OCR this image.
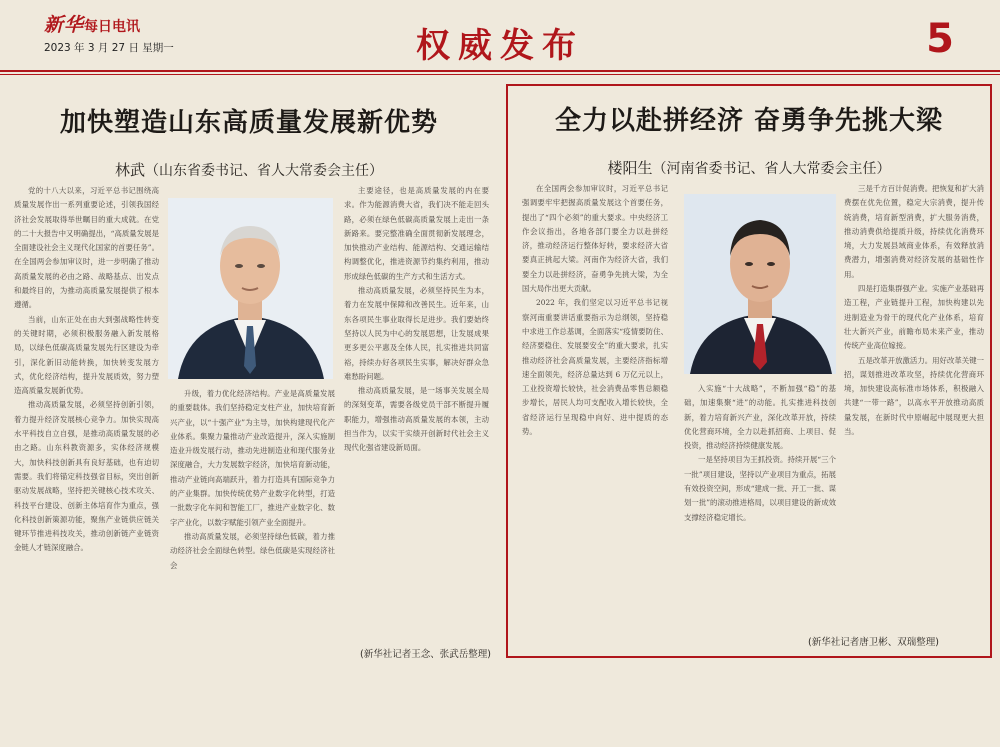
新华每日电讯
2023 年 3 月 27 日 星期一	权威发布	5
加快塑造山东高质量发展新优势
林武（山东省委书记、省人大常委会主任）

党的十八大以来，习近平总书记围绕高质量发展作出一系列重要论述，引领我国经济社会发展取得举世瞩目的重大成就。在党的二十大报告中又明确提出，“高质量发展是全面建设社会主义现代化国家的首要任务”。在全国两会参加审议时，进一步明确了推动高质量发展的必由之路、战略基点、出发点和最终目的，为推动高质量发展提供了根本遵循。

当前，山东正处在由大到强战略性转变的关键时期，必须积极服务融入新发展格局，以绿色低碳高质量发展先行区建设为牵引，深化新旧动能转换，加快转变发展方式，优化经济结构，提升发展质效，努力塑造高质量发展新优势。

推动高质量发展，必须坚持创新引领，着力提升经济发展核心竞争力。加快实现高水平科技自立自强，是推动高质量发展的必由之路。山东科教资源多，实体经济规模大，加快科技创新具有良好基础，也有迫切需要。我们将锚定科技强省目标，突出创新驱动发展战略，坚持把关键核心技术攻关、科技平台建设、创新主体培育作为重点，强化科技创新策源功能，聚焦产业链供应链关键环节推进科技攻关，推动创新链产业链资金链人才链深度融合。

升级，着力优化经济结构。产业是高质量发展的重要载体。我们坚持稳定支柱产业，加快培育新兴产业，以“十强产业”为主导，加快构建现代化产业体系。集聚力量推动产业改造提升，深入实施制造业升级发展行动，推动先进制造业和现代服务业深度融合，大力发展数字经济，加快培育新动能，推动产业链向高端跃升，着力打造具有国际竞争力的产业集群。加快传统优势产业数字化转型，打造一批数字化车间和智能工厂，推进产业数字化、数字产业化，以数字赋能引领产业全面提升。

推动高质量发展，必须坚持绿色低碳，着力推动经济社会全面绿色转型。绿色低碳是实现经济社会

主要途径，也是高质量发展的内在要求。作为能源消费大省，我们决不能走回头路，必须在绿色低碳高质量发展上走出一条新路来。要完整准确全面贯彻新发展理念，加快推动产业结构、能源结构、交通运输结构调整优化，推进资源节约集约利用，推动形成绿色低碳的生产方式和生活方式。

推动高质量发展，必须坚持民生为本，着力在发展中保障和改善民生。近年来，山东各项民生事业取得长足进步。我们要始终坚持以人民为中心的发展思想，让发展成果更多更公平惠及全体人民，扎实推进共同富裕，持续办好各项民生实事，解决好群众急难愁盼问题。

推动高质量发展，是一场事关发展全局的深刻变革，需要各级党员干部不断提升履职能力，增强推动高质量发展的本领，主动担当作为，以实干实绩开创新时代社会主义现代化强省建设新局面。

(新华社记者王念、张武岳整理)
全力以赴拼经济 奋勇争先挑大梁
楼阳生（河南省委书记、省人大常委会主任）

在全国两会参加审议时，习近平总书记强调要牢牢把握高质量发展这个首要任务，提出了“四个必须”的重大要求。中央经济工作会议指出，各地各部门要全力以赴拼经济，推动经济运行整体好转，要求经济大省要真正挑起大梁。河南作为经济大省，我们要全力以赴拼经济，奋勇争先挑大梁，为全国大局作出更大贡献。

2022 年，我们坚定以习近平总书记视察河南重要讲话重要指示为总纲领，坚持稳中求进工作总基调，全面落实“疫情要防住、经济要稳住、发展要安全”的重大要求，扎实推动经济社会高质量发展，主要经济指标增速全面领先，经济总量达到 6 万亿元以上，工业投资增长较快，社会消费品零售总额稳步增长，居民人均可支配收入增长较快，全省经济运行呈现稳中向好、进中提质的态势。

入实施“十大战略”，不断加强“稳”的基础，加速集聚“进”的动能。扎实推进科技创新，着力培育新兴产业，深化改革开放，持续优化营商环境，全力以赴抓招商、上项目、促投资，推动经济持续健康发展。

一是坚持项目为王抓投资。持续开展“三个一批”项目建设，坚持以产业项目为重点，拓展有效投资空间，形成“建成一批、开工一批、谋划一批”的滚动推进格局，以项目建设的新成效支撑经济稳定增长。

三是千方百计促消费。把恢复和扩大消费摆在优先位置，稳定大宗消费，提升传统消费，培育新型消费，扩大服务消费，推动消费供给提质升级，持续优化消费环境，大力发展县域商业体系，有效释放消费潜力，增强消费对经济发展的基础性作用。

四是打造集群强产业。实施产业基础再造工程，产业链提升工程，加快构建以先进制造业为骨干的现代化产业体系，培育壮大新兴产业，前瞻布局未来产业，推动传统产业高位嫁接。

五是改革开放激活力。用好改革关键一招，谋划推进改革攻坚，持续优化营商环境，加快建设高标准市场体系，积极融入共建“一带一路”，以高水平开放推动高质量发展，在新时代中原崛起中展现更大担当。

(新华社记者唐卫彬、双瑞整理)
